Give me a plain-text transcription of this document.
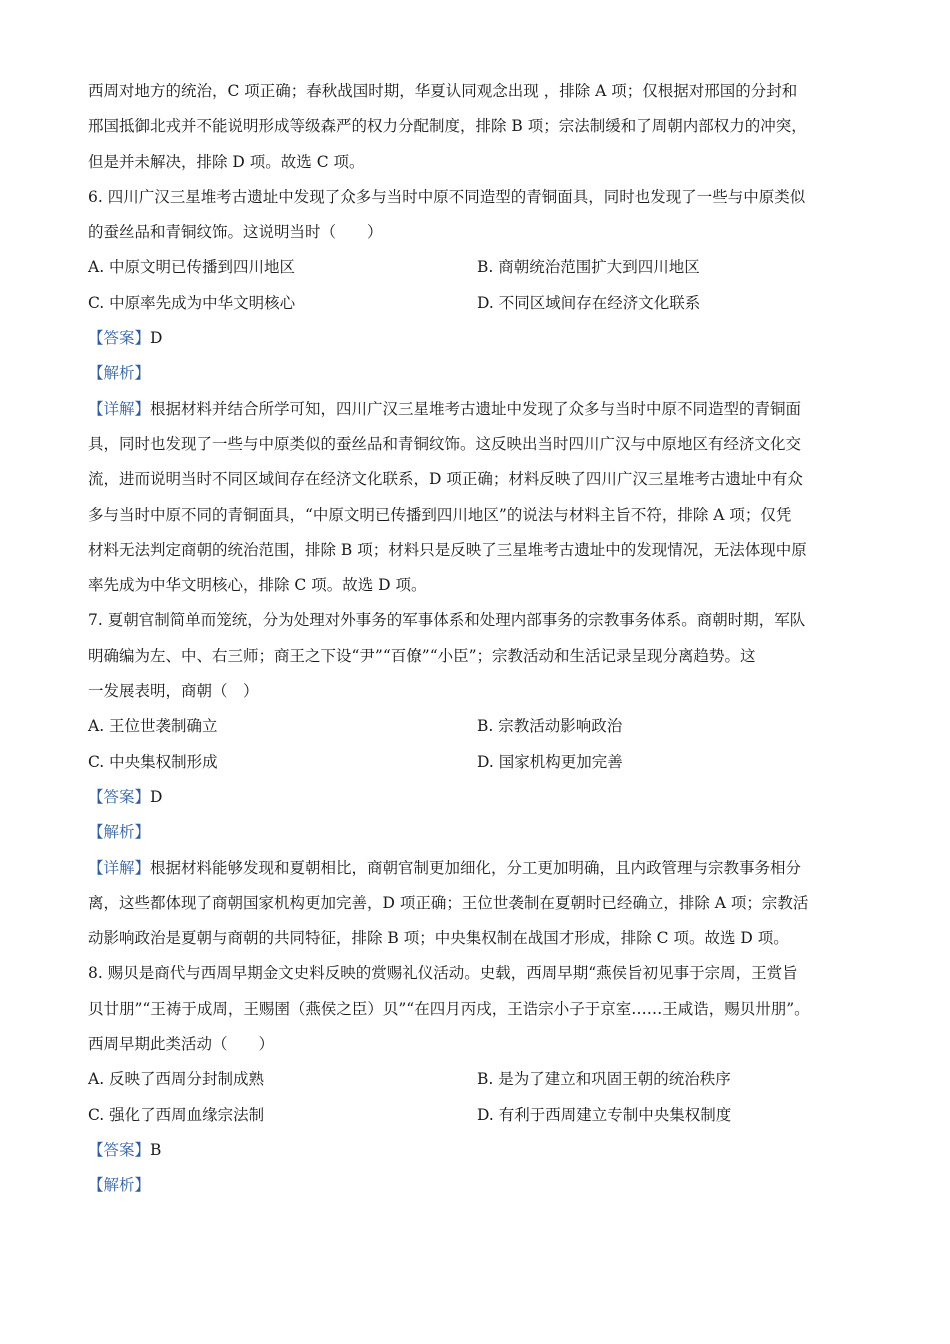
西周对地方的统治，C 项正确；春秋战国时期，华夏认同观念出现 ，排除 A 项；仅根据对邢国的分封和
邢国抵御北戎并不能说明形成等级森严的权力分配制度，排除 B 项；宗法制缓和了周朝内部权力的冲突，
但是并未解决，排除 D 项。故选 C 项。
6. 四川广汉三星堆考古遗址中发现了众多与当时中原不同造型的青铜面具，同时也发现了一些与中原类似
的蚕丝品和青铜纹饰。这说明当时（　　）
A. 中原文明已传播到四川地区	B. 商朝统治范围扩大到四川地区
C. 中原率先成为中华文明核心	D. 不同区域间存在经济文化联系
【答案】D
【解析】
【详解】根据材料并结合所学可知，四川广汉三星堆考古遗址中发现了众多与当时中原不同造型的青铜面
具，同时也发现了一些与中原类似的蚕丝品和青铜纹饰。这反映出当时四川广汉与中原地区有经济文化交
流，进而说明当时不同区域间存在经济文化联系，D 项正确；材料反映了四川广汉三星堆考古遗址中有众
多与当时中原不同的青铜面具，“中原文明已传播到四川地区”的说法与材料主旨不符，排除 A 项；仅凭
材料无法判定商朝的统治范围，排除 B 项；材料只是反映了三星堆考古遗址中的发现情况，无法体现中原
率先成为中华文明核心，排除 C 项。故选 D 项。
7. 夏朝官制简单而笼统，分为处理对外事务的军事体系和处理内部事务的宗教事务体系。商朝时期，军队
明确编为左、中、右三师；商王之下设“尹”“百僚”“小臣”；宗教活动和生活记录呈现分离趋势。这
一发展表明，商朝（　）
A. 王位世袭制确立	B. 宗教活动影响政治
C. 中央集权制形成	D. 国家机构更加完善
【答案】D
【解析】
【详解】根据材料能够发现和夏朝相比，商朝官制更加细化，分工更加明确，且内政管理与宗教事务相分
离，这些都体现了商朝国家机构更加完善，D 项正确；王位世袭制在夏朝时已经确立，排除 A 项；宗教活
动影响政治是夏朝与商朝的共同特征，排除 B 项；中央集权制在战国才形成，排除 C 项。故选 D 项。
8. 赐贝是商代与西周早期金文史料反映的赏赐礼仪活动。史载，西周早期“燕侯旨初见事于宗周，王赏旨
贝廿朋”“王祷于成周，王赐圉（燕侯之臣）贝”“在四月丙戌，王诰宗小子于京室……王咸诰，赐贝卅朋”。
西周早期此类活动（　　）
A. 反映了西周分封制成熟	B. 是为了建立和巩固王朝的统治秩序
C. 强化了西周血缘宗法制	D. 有利于西周建立专制中央集权制度
【答案】B
【解析】
